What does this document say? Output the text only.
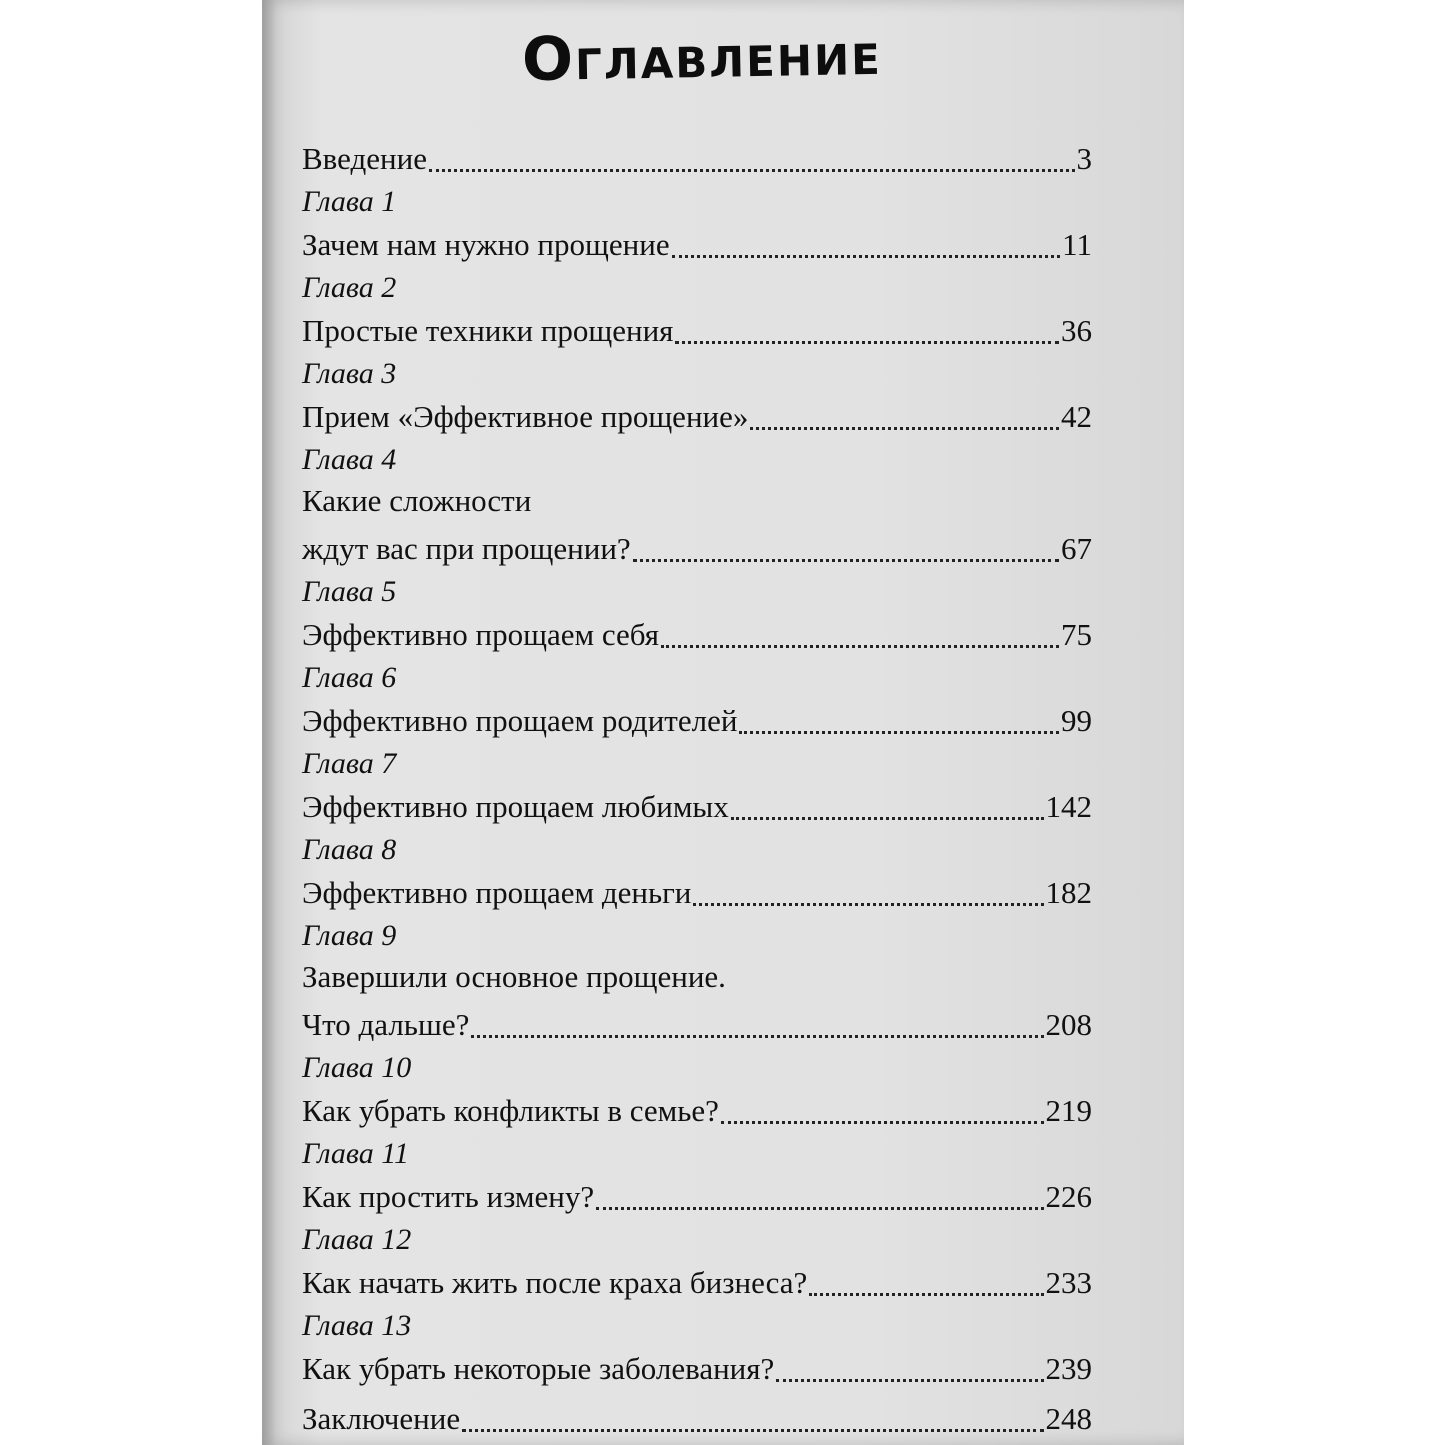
Оглавление
Введение	3
Глава 1
Зачем нам нужно прощение	11
Глава 2
Простые техники прощения	36
Глава 3
Прием «Эффективное прощение»	42
Глава 4
Какие сложности
ждут вас при прощении?	67
Глава 5
Эффективно прощаем себя	75
Глава 6
Эффективно прощаем родителей	99
Глава 7
Эффективно прощаем любимых	142
Глава 8
Эффективно прощаем деньги	182
Глава 9
Завершили основное прощение.
Что дальше?	208
Глава 10
Как убрать конфликты в семье?	219
Глава 11
Как простить измену?	226
Глава 12
Как начать жить после краха бизнеса?	233
Глава 13
Как убрать некоторые заболевания?	239
Заключение	248
